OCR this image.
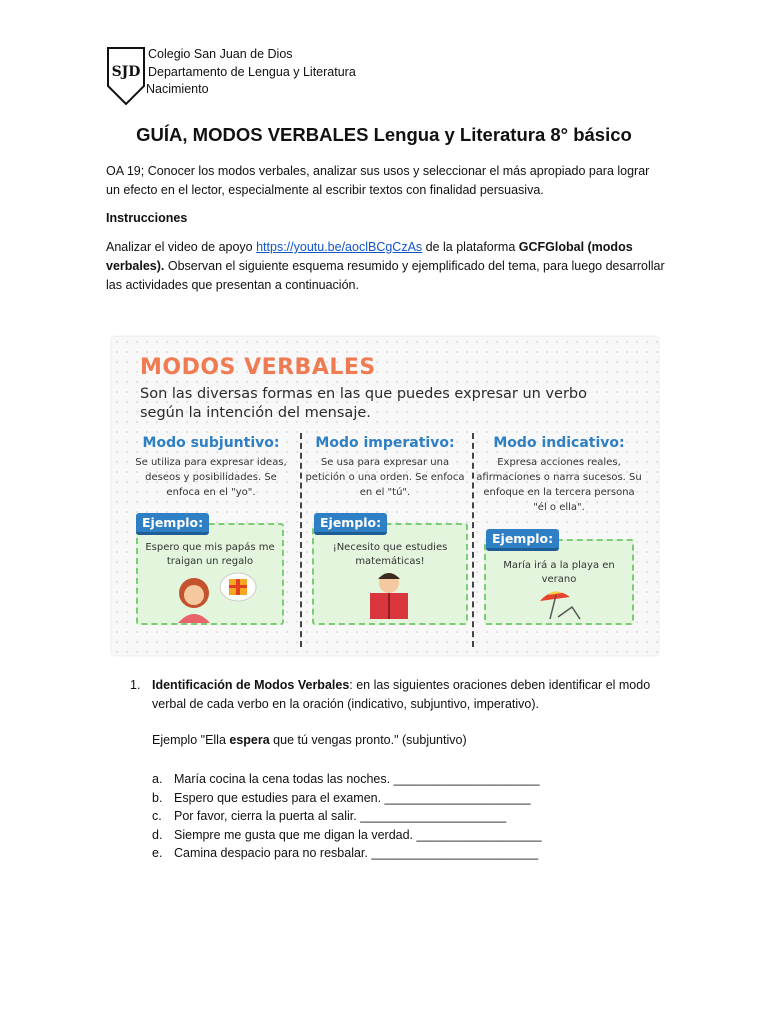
SJD
Colegio San Juan de Dios
Departamento de Lengua y Literatura
Nacimiento
GUÍA, MODOS VERBALES Lengua y Literatura 8° básico
OA 19; Conocer los modos verbales, analizar sus usos y seleccionar el más apropiado para lograr un efecto en el lector, especialmente al escribir textos con finalidad persuasiva.
Instrucciones
Analizar el video de apoyo https://youtu.be/aoclBCgCzAs de la plataforma GCFGlobal (modos verbales). Observan el siguiente esquema resumido y ejemplificado del tema, para luego desarrollar las actividades que presentan a continuación.
MODOS VERBALES
Son las diversas formas en las que puedes expresar un verbo según la intención del mensaje.
Modo subjuntivo:
Se utiliza para expresar ideas, deseos y posibilidades. Se enfoca en el "yo".
Espero que mis papás me traigan un regalo
Ejemplo:
Modo imperativo:
Se usa para expresar una petición o una orden. Se enfoca en el "tú".
¡Necesito que estudies matemáticas!
Ejemplo:
Modo indicativo:
Expresa acciones reales, afirmaciones o narra sucesos. Su enfoque en la tercera persona "él o ella".
María irá a la playa en verano
Ejemplo:
1. Identificación de Modos Verbales: en las siguientes oraciones deben identificar el modo verbal de cada verbo en la oración (indicativo, subjuntivo, imperativo).
Ejemplo "Ella espera que tú vengas pronto." (subjuntivo)
a. María cocina la cena todas las noches. _____________________
b. Espero que estudies para el examen. _____________________
c. Por favor, cierra la puerta al salir. _____________________
d. Siempre me gusta que me digan la verdad. __________________
e. Camina despacio para no resbalar. ________________________
